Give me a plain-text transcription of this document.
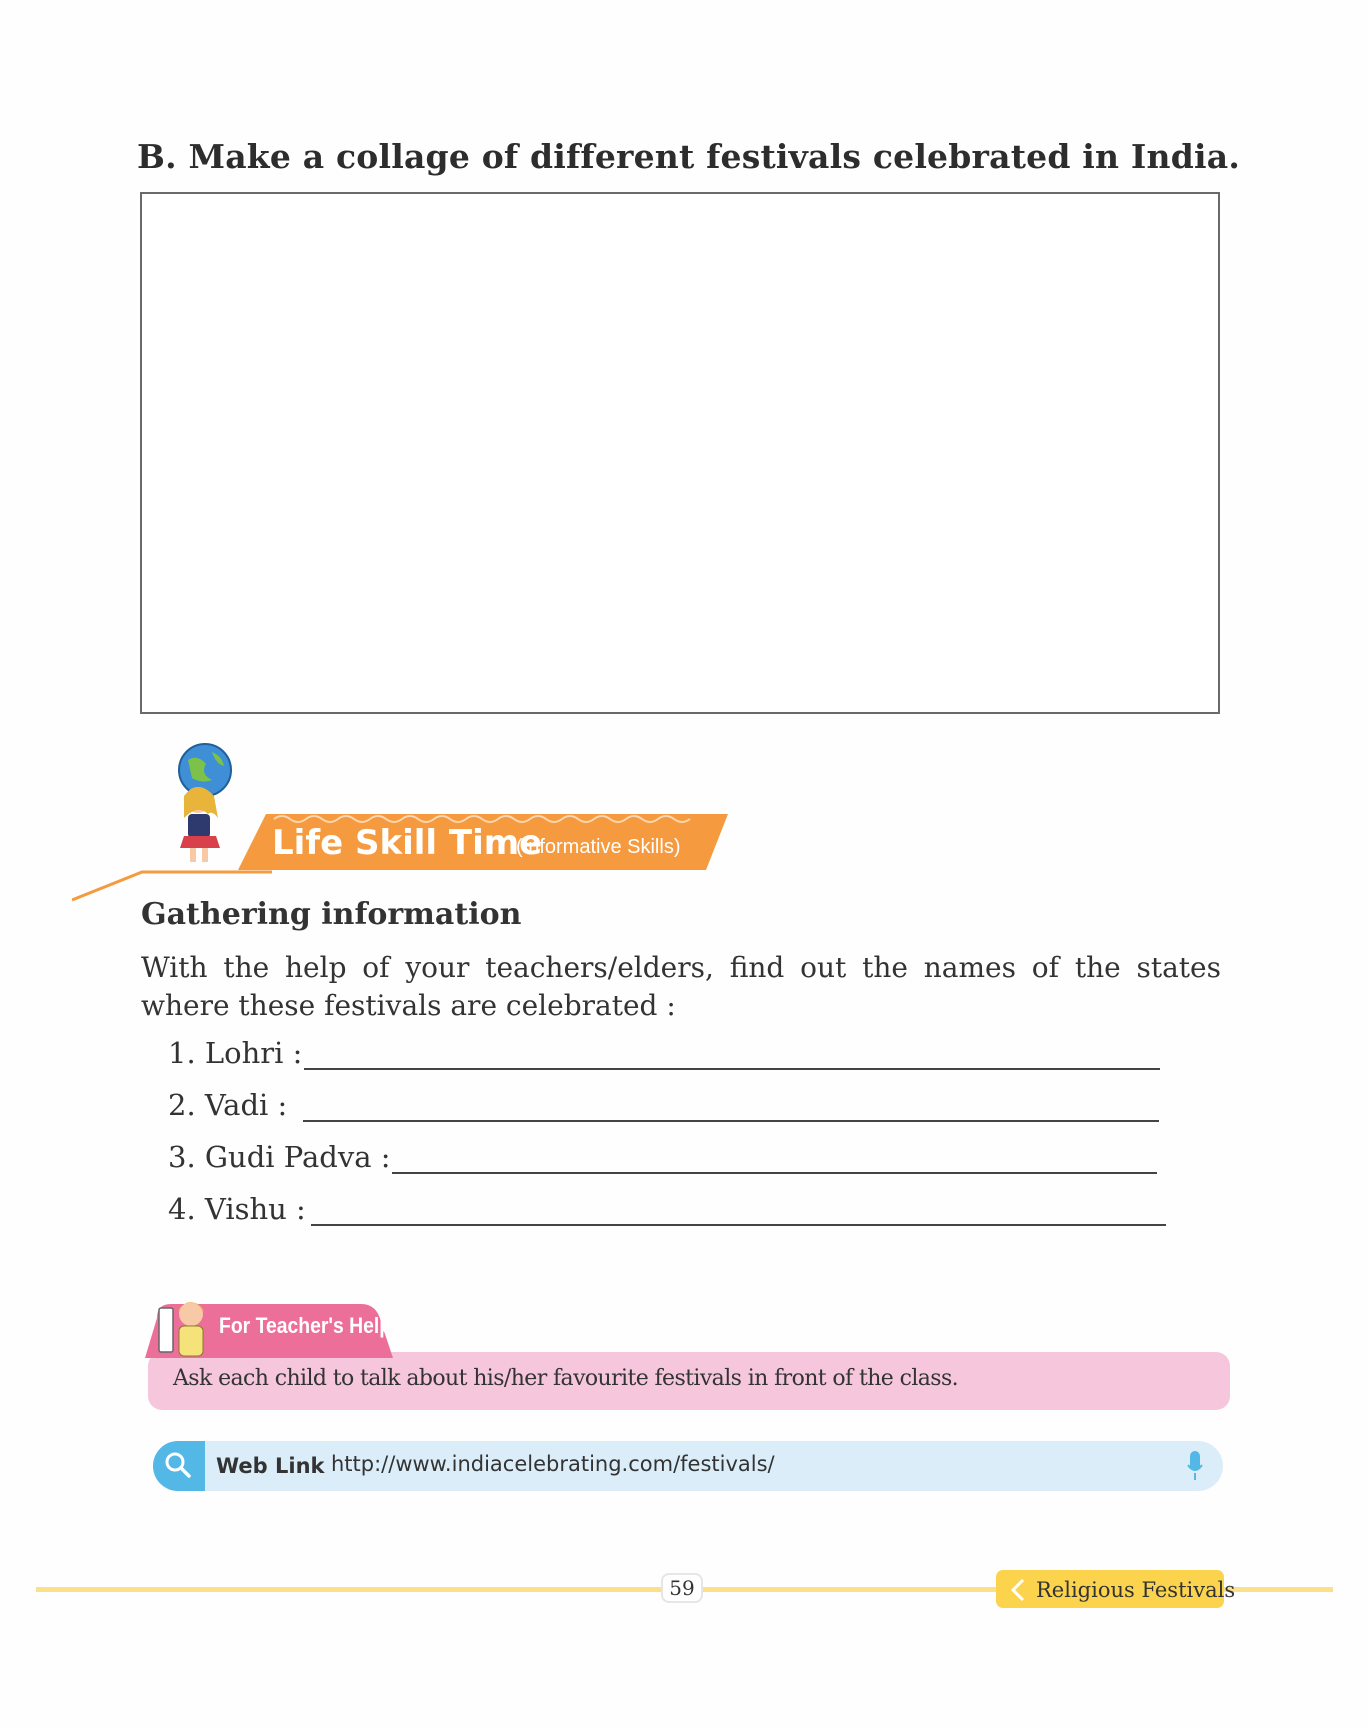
B. Make a collage of different festivals celebrated in India.
Life Skill Time
(Informative Skills)
Gathering information
With the help of your teachers/elders, find out the names of the states where these festivals are celebrated :
1. Lohri :
2. Vadi :
3. Gudi Padva :
4. Vishu :
For Teacher's Help
Ask each child to talk about his/her favourite festivals in front of the class.
Web Link http://www.indiacelebrating.com/festivals/
59	Religious Festivals
